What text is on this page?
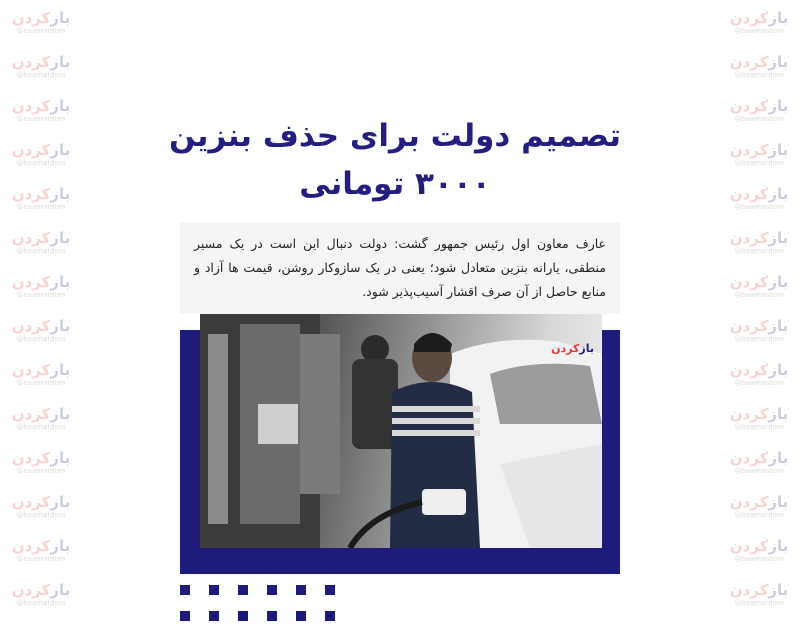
بازکردن
@baamardom
بازکردن
@baamardom
بازکردن
@baamardom
بازکردن
@baamardom
بازکردن
@baamardom
بازکردن
@baamardom
بازکردن
@baamardom
بازکردن
@baamardom
بازکردن
@baamardom
بازکردن
@baamardom
بازکردن
@baamardom
بازکردن
@baamardom
بازکردن
@baamardom
بازکردن
@baamardom
بازکردن
@baamardom
بازکردن
@baamardom
بازکردن
@baamardom
بازکردن
@baamardom
بازکردن
@baamardom
بازکردن
@baamardom
بازکردن
@baamardom
بازکردن
@baamardom
بازکردن
@baamardom
بازکردن
@baamardom
بازکردن
@baamardom
بازکردن
@baamardom
بازکردن
@baamardom
بازکردن
@baamardom
تصمیم دولت برای حذف بنزین ۳۰۰۰ تومانی
عارف معاون اول رئیس جمهور گشت: دولت دنبال این است در یک مسیر منطقی، یارانه بنزین متعادل شود؛ یعنی در یک سازوکار روشن، قیمت ها آزاد و منابع حاصل از آن صرف اقشار آسیب‌پذیر شود.
بازکردن
